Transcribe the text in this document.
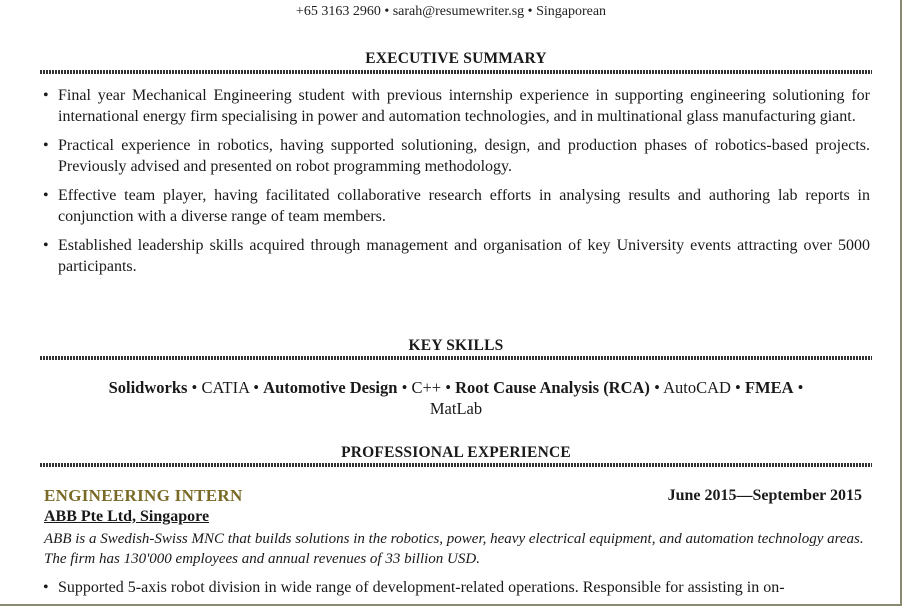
+65 3163 2960 • sarah@resumewriter.sg • Singaporean
EXECUTIVE SUMMARY
• Final year Mechanical Engineering student with previous internship experience in supporting engineering solutioning for international energy firm specialising in power and automation technologies, and in multinational glass manufacturing giant.
• Practical experience in robotics, having supported solutioning, design, and production phases of robotics-based projects. Previously advised and presented on robot programming methodology.
• Effective team player, having facilitated collaborative research efforts in analysing results and authoring lab reports in conjunction with a diverse range of team members.
• Established leadership skills acquired through management and organisation of key University events attracting over 5000 participants.
KEY SKILLS
Solidworks • CATIA • Automotive Design • C++ • Root Cause Analysis (RCA) • AutoCAD • FMEA •
MatLab
PROFESSIONAL EXPERIENCE
ENGINEERING INTERN	June 2015—September 2015
ABB Pte Ltd, Singapore
ABB is a Swedish-Swiss MNC that builds solutions in the robotics, power, heavy electrical equipment, and automation technology areas. The firm has 130'000 employees and annual revenues of 33 billion USD.
• Supported 5-axis robot division in wide range of development-related operations. Responsible for assisting in on-
